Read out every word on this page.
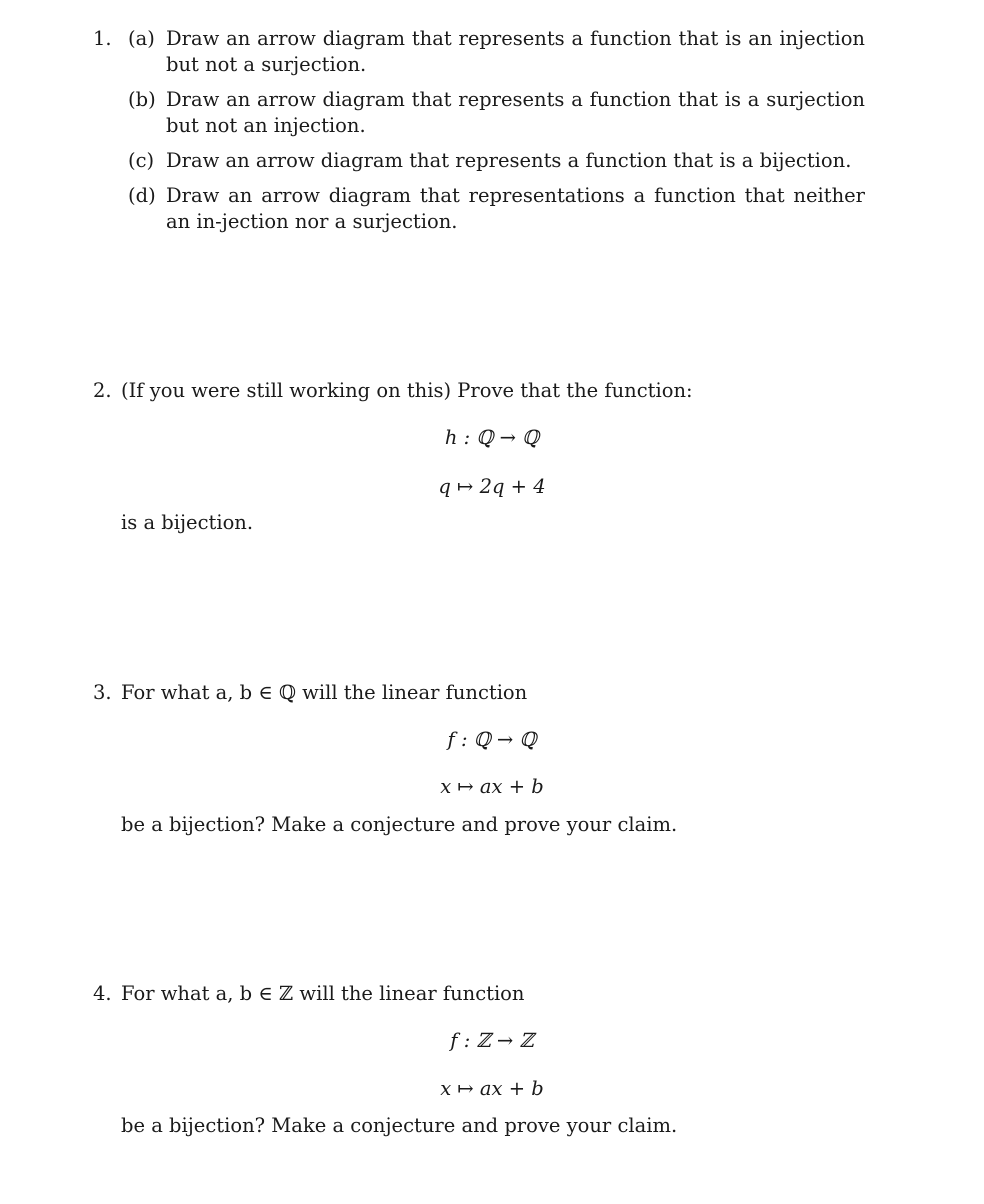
1. (a) Draw an arrow diagram that represents a function that is an injection but not a surjection.
(b) Draw an arrow diagram that represents a function that is a surjection but not an injection.
(c) Draw an arrow diagram that represents a function that is a bijection.
(d) Draw an arrow diagram that representations a function that neither an in-jection nor a surjection.
2. (If you were still working on this) Prove that the function:
h : ℚ → ℚ
q ↦ 2q + 4
is a bijection.
3. For what a, b ∈ ℚ will the linear function
f : ℚ → ℚ
x ↦ ax + b
be a bijection? Make a conjecture and prove your claim.
4. For what a, b ∈ ℤ will the linear function
f : ℤ → ℤ
x ↦ ax + b
be a bijection? Make a conjecture and prove your claim.
